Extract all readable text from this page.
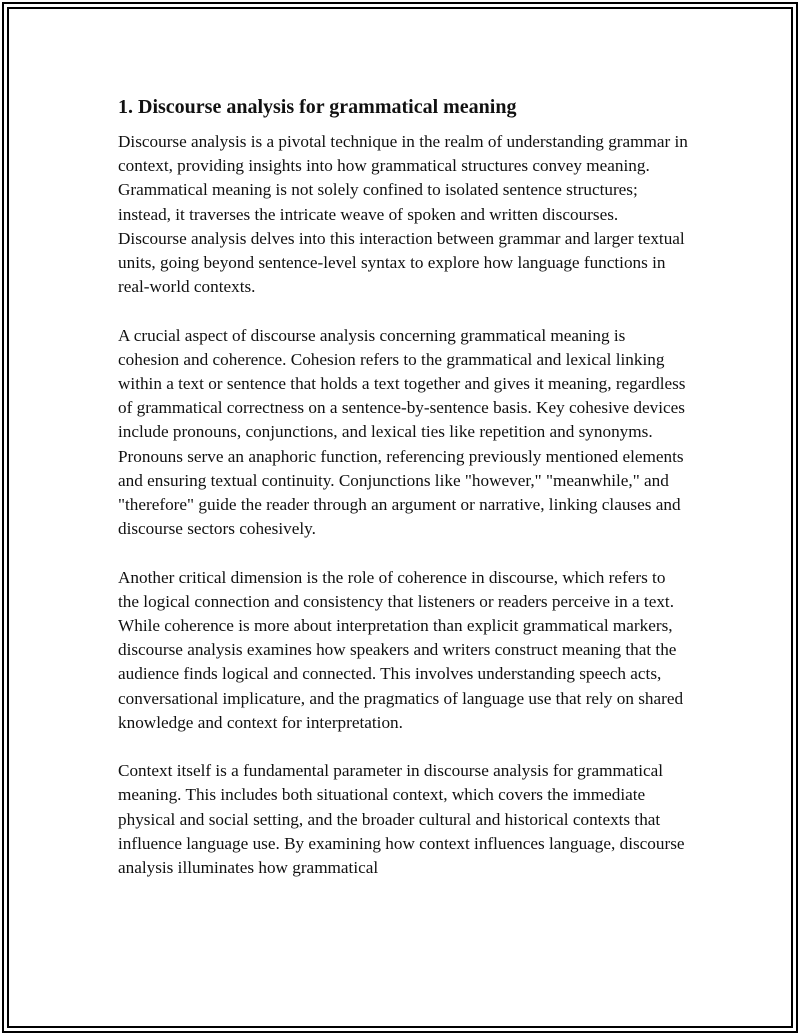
1. Discourse analysis for grammatical meaning

Discourse analysis is a pivotal technique in the realm of understanding grammar in context, providing insights into how grammatical structures convey meaning. Grammatical meaning is not solely confined to isolated sentence structures; instead, it traverses the intricate weave of spoken and written discourses. Discourse analysis delves into this interaction between grammar and larger textual units, going beyond sentence-level syntax to explore how language functions in real-world contexts.

A crucial aspect of discourse analysis concerning grammatical meaning is cohesion and coherence. Cohesion refers to the grammatical and lexical linking within a text or sentence that holds a text together and gives it meaning, regardless of grammatical correctness on a sentence-by-sentence basis. Key cohesive devices include pronouns, conjunctions, and lexical ties like repetition and synonyms. Pronouns serve an anaphoric function, referencing previously mentioned elements and ensuring textual continuity. Conjunctions like "however," "meanwhile," and "therefore" guide the reader through an argument or narrative, linking clauses and discourse sectors cohesively.

Another critical dimension is the role of coherence in discourse, which refers to the logical connection and consistency that listeners or readers perceive in a text. While coherence is more about interpretation than explicit grammatical markers, discourse analysis examines how speakers and writers construct meaning that the audience finds logical and connected. This involves understanding speech acts, conversational implicature, and the pragmatics of language use that rely on shared knowledge and context for interpretation.

Context itself is a fundamental parameter in discourse analysis for grammatical meaning. This includes both situational context, which covers the immediate physical and social setting, and the broader cultural and historical contexts that influence language use. By examining how context influences language, discourse analysis illuminates how grammatical
